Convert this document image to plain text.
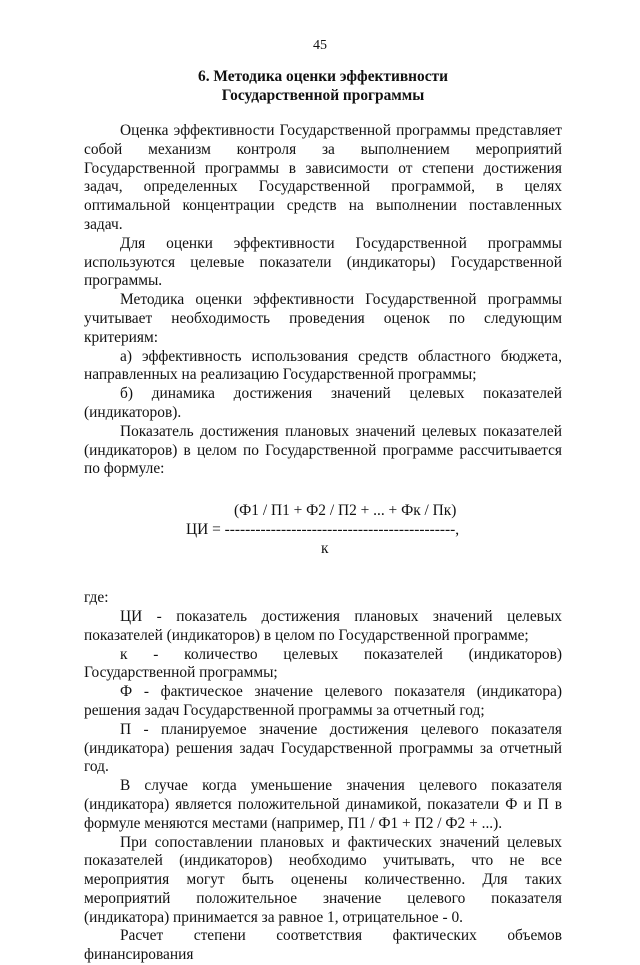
45
6. Методика оценки эффективности
Государственной программы

Оценка эффективности Государственной программы представляет собой механизм контроля за выполнением мероприятий Государственной программы в зависимости от степени достижения задач, определенных Государственной программой, в целях оптимальной концентрации средств на выполнении поставленных задач.

Для оценки эффективности Государственной программы используются целевые показатели (индикаторы) Государственной программы.

Методика оценки эффективности Государственной программы учитывает необходимость проведения оценок по следующим критериям:

а) эффективность использования средств областного бюджета, направленных на реализацию Государственной программы;

б) динамика достижения значений целевых показателей (индикаторов).

Показатель достижения плановых значений целевых показателей (индикаторов) в целом по Государственной программе рассчитывается по формуле:

(Ф1 / П1 + Ф2 / П2 + ... + Фк / Пк)
ЦИ = ---------------------------------------------,
к

где:

ЦИ - показатель достижения плановых значений целевых показателей (индикаторов) в целом по Государственной программе;

к - количество целевых показателей (индикаторов) Государственной программы;

Ф - фактическое значение целевого показателя (индикатора) решения задач Государственной программы за отчетный год;

П - планируемое значение достижения целевого показателя (индикатора) решения задач Государственной программы за отчетный год.

В случае когда уменьшение значения целевого показателя (индикатора) является положительной динамикой, показатели Ф и П в формуле меняются местами (например, П1 / Ф1 + П2 / Ф2 + ...).

При сопоставлении плановых и фактических значений целевых показателей (индикаторов) необходимо учитывать, что не все мероприятия могут быть оценены количественно. Для таких мероприятий положительное значение целевого показателя (индикатора) принимается за равное 1, отрицательное - 0.

Расчет степени соответствия фактических объемов финансирования
